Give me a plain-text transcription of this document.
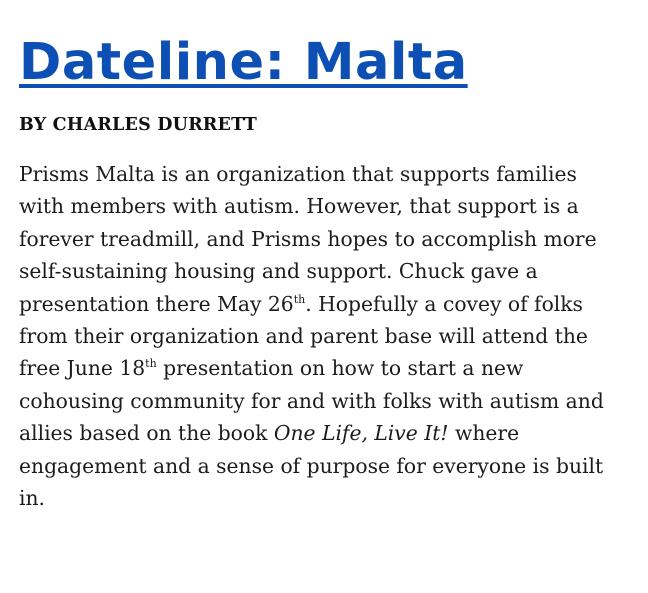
Dateline: Malta
BY CHARLES DURRETT

Prisms Malta is an organization that supports families with members with autism. However, that support is a forever treadmill, and Prisms hopes to accomplish more self-sustaining housing and support. Chuck gave a presentation there May 26th. Hopefully a covey of folks from their organization and parent base will attend the free June 18th presentation on how to start a new cohousing community for and with folks with autism and allies based on the book One Life, Live It! where engagement and a sense of purpose for everyone is built in.
